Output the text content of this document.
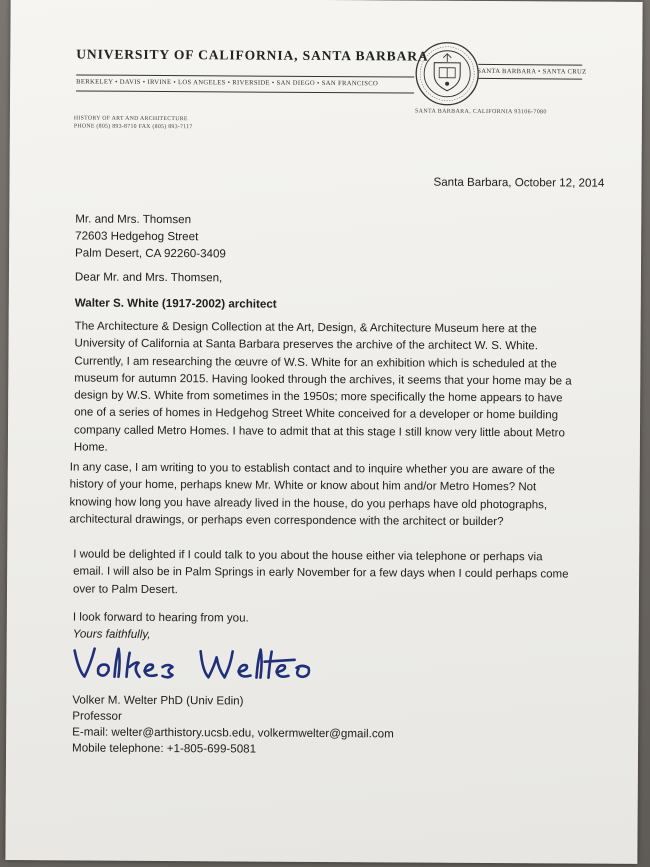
UNIVERSITY OF CALIFORNIA, SANTA BARBARA
BERKELEY • DAVIS • IRVINE • LOS ANGELES • RIVERSIDE • SAN DIEGO • SAN FRANCISCO
SANTA BARBARA • SANTA CRUZ
HISTORY OF ART AND ARCHITECTURE
PHONE (805) 893-8710 FAX (805) 893-7117
SANTA BARBARA, CALIFORNIA 93106-7080
Santa Barbara, October 12, 2014
Mr. and Mrs. Thomsen
72603 Hedgehog Street
Palm Desert, CA 92260-3409
Dear Mr. and Mrs. Thomsen,
Walter S. White (1917-2002) architect
The Architecture & Design Collection at the Art, Design, & Architecture Museum here at the
University of California at Santa Barbara preserves the archive of the architect W. S. White.
Currently, I am researching the œuvre of W.S. White for an exhibition which is scheduled at the
museum for autumn 2015. Having looked through the archives, it seems that your home may be a
design by W.S. White from sometimes in the 1950s; more specifically the home appears to have
one of a series of homes in Hedgehog Street White conceived for a developer or home building
company called Metro Homes. I have to admit that at this stage I still know very little about Metro
Home.
In any case, I am writing to you to establish contact and to inquire whether you are aware of the
history of your home, perhaps knew Mr. White or know about him and/or Metro Homes? Not
knowing how long you have already lived in the house, do you perhaps have old photographs,
architectural drawings, or perhaps even correspondence with the architect or builder?
I would be delighted if I could talk to you about the house either via telephone or perhaps via
email. I will also be in Palm Springs in early November for a few days when I could perhaps come
over to Palm Desert.
I look forward to hearing from you.
Yours faithfully,
Volker M. Welter PhD (Univ Edin)
Professor
E-mail: welter@arthistory.ucsb.edu, volkermwelter@gmail.com
Mobile telephone: +1-805-699-5081
